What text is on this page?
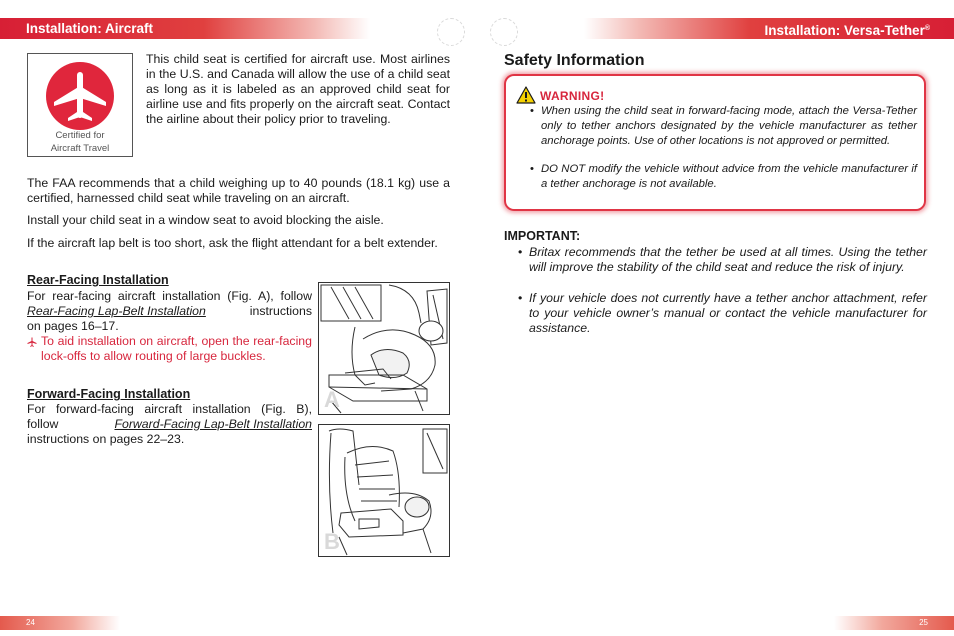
Installation: Aircraft	Installation: Versa-Tether®
Certified for
Aircraft Travel
This child seat is certified for aircraft use. Most airlines in the U.S. and Canada will allow the use of a child seat as long as it is labeled as an approved child seat for airline use and fits properly on the aircraft seat. Contact the airline about their policy prior to traveling.
The FAA recommends that a child weighing up to 40 pounds (18.1 kg) use a certified, harnessed child seat while traveling on an aircraft.
Install your child seat in a window seat to avoid blocking the aisle.
If the aircraft lap belt is too short, ask the flight attendant for a belt extender.
Rear-Facing Installation
For rear-facing aircraft installation (Fig. A), follow
Rear-Facing Lap-Belt Installation	instructions
on pages 16–17.
To aid installation on aircraft, open the rear-facing lock-offs to allow routing of large buckles.
Forward-Facing Installation
For forward-facing aircraft installation (Fig. B),
follow	Forward-Facing Lap-Belt Installation
instructions on pages 22–23.
A
B
Safety Information
WARNING!
• When using the child seat in forward-facing mode, attach the Versa-Tether only to tether anchors designated by the vehicle manufacturer as tether anchorage points. Use of other locations is not approved or permitted.
• DO NOT modify the vehicle without advice from the vehicle manufacturer if a tether anchorage is not available.
IMPORTANT:
• Britax recommends that the tether be used at all times. Using the tether will improve the stability of the child seat and reduce the risk of injury.
• If your vehicle does not currently have a tether anchor attachment, refer to your vehicle owner’s manual or contact the vehicle manufacturer for assistance.
24	25
